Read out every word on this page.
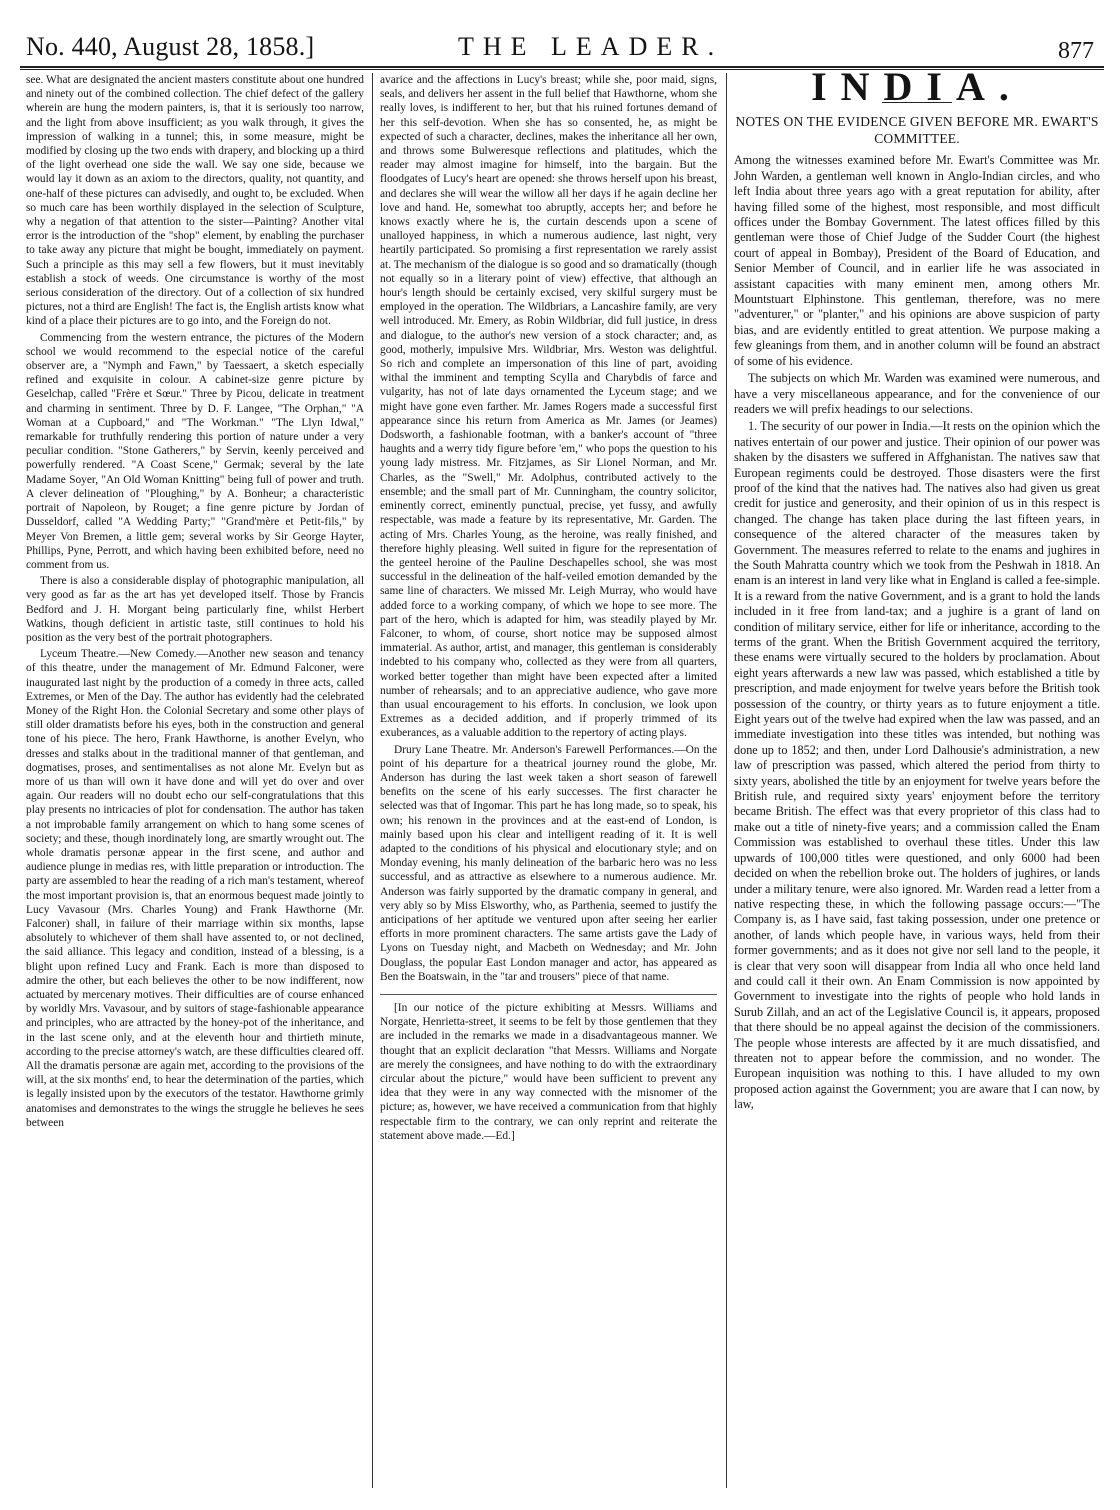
No. 440, August 28, 1858.]	THE LEADER.	877

see. What are designated the ancient masters constitute about one hundred and ninety out of the combined collection. The chief defect of the gallery wherein are hung the modern painters, is, that it is seriously too narrow, and the light from above insufficient; as you walk through, it gives the impression of walking in a tunnel; this, in some measure, might be modified by closing up the two ends with drapery, and blocking up a third of the light overhead one side the wall. We say one side, because we would lay it down as an axiom to the directors, quality, not quantity, and one-half of these pictures can advisedly, and ought to, be excluded. When so much care has been worthily displayed in the selection of Sculpture, why a negation of that attention to the sister—Painting? Another vital error is the introduction of the "shop" element, by enabling the purchaser to take away any picture that might be bought, immediately on payment. Such a principle as this may sell a few flowers, but it must inevitably establish a stock of weeds. One circumstance is worthy of the most serious consideration of the directory. Out of a collection of six hundred pictures, not a third are English! The fact is, the English artists know what kind of a place their pictures are to go into, and the Foreign do not.

Commencing from the western entrance, the pictures of the Modern school we would recommend to the especial notice of the careful observer are, a "Nymph and Fawn," by Taessaert, a sketch especially refined and exquisite in colour. A cabinet-size genre picture by Geselchap, called "Frère et Sœur." Three by Picou, delicate in treatment and charming in sentiment. Three by D. F. Langee, "The Orphan," "A Woman at a Cupboard," and "The Workman." "The Llyn Idwal," remarkable for truthfully rendering this portion of nature under a very peculiar condition. "Stone Gatherers," by Servin, keenly perceived and powerfully rendered. "A Coast Scene," Germak; several by the late Madame Soyer, "An Old Woman Knitting" being full of power and truth. A clever delineation of "Ploughing," by A. Bonheur; a characteristic portrait of Napoleon, by Rouget; a fine genre picture by Jordan of Dusseldorf, called "A Wedding Party;" "Grand'mère et Petit-fils," by Meyer Von Bremen, a little gem; several works by Sir George Hayter, Phillips, Pyne, Perrott, and which having been exhibited before, need no comment from us.

There is also a considerable display of photographic manipulation, all very good as far as the art has yet developed itself. Those by Francis Bedford and J. H. Morgant being particularly fine, whilst Herbert Watkins, though deficient in artistic taste, still continues to hold his position as the very best of the portrait photographers.

Lyceum Theatre.—New Comedy.—Another new season and tenancy of this theatre, under the management of Mr. Edmund Falconer, were inaugurated last night by the production of a comedy in three acts, called Extremes, or Men of the Day. The author has evidently had the celebrated Money of the Right Hon. the Colonial Secretary and some other plays of still older dramatists before his eyes, both in the construction and general tone of his piece. The hero, Frank Hawthorne, is another Evelyn, who dresses and stalks about in the traditional manner of that gentleman, and dogmatises, proses, and sentimentalises as not alone Mr. Evelyn but as more of us than will own it have done and will yet do over and over again. Our readers will no doubt echo our self-congratulations that this play presents no intricacies of plot for condensation. The author has taken a not improbable family arrangement on which to hang some scenes of society; and these, though inordinately long, are smartly wrought out. The whole dramatis personæ appear in the first scene, and author and audience plunge in medias res, with little preparation or introduction. The party are assembled to hear the reading of a rich man's testament, whereof the most important provision is, that an enormous bequest made jointly to Lucy Vavasour (Mrs. Charles Young) and Frank Hawthorne (Mr. Falconer) shall, in failure of their marriage within six months, lapse absolutely to whichever of them shall have assented to, or not declined, the said alliance. This legacy and condition, instead of a blessing, is a blight upon refined Lucy and Frank. Each is more than disposed to admire the other, but each believes the other to be now indifferent, now actuated by mercenary motives. Their difficulties are of course enhanced by worldly Mrs. Vavasour, and by suitors of stage-fashionable appearance and principles, who are attracted by the honey-pot of the inheritance, and in the last scene only, and at the eleventh hour and thirtieth minute, according to the precise attorney's watch, are these difficulties cleared off. All the dramatis personæ are again met, according to the provisions of the will, at the six months' end, to hear the determination of the parties, which is legally insisted upon by the executors of the testator. Hawthorne grimly anatomises and demonstrates to the wings the struggle he believes he sees between

avarice and the affections in Lucy's breast; while she, poor maid, signs, seals, and delivers her assent in the full belief that Hawthorne, whom she really loves, is indifferent to her, but that his ruined fortunes demand of her this self-devotion. When she has so consented, he, as might be expected of such a character, declines, makes the inheritance all her own, and throws some Bulweresque reflections and platitudes, which the reader may almost imagine for himself, into the bargain. But the floodgates of Lucy's heart are opened: she throws herself upon his breast, and declares she will wear the willow all her days if he again decline her love and hand. He, somewhat too abruptly, accepts her; and before he knows exactly where he is, the curtain descends upon a scene of unalloyed happiness, in which a numerous audience, last night, very heartily participated. So promising a first representation we rarely assist at. The mechanism of the dialogue is so good and so dramatically (though not equally so in a literary point of view) effective, that although an hour's length should be certainly excised, very skilful surgery must be employed in the operation. The Wildbriars, a Lancashire family, are very well introduced. Mr. Emery, as Robin Wildbriar, did full justice, in dress and dialogue, to the author's new version of a stock character; and, as good, motherly, impulsive Mrs. Wildbriar, Mrs. Weston was delightful. So rich and complete an impersonation of this line of part, avoiding withal the imminent and tempting Scylla and Charybdis of farce and vulgarity, has not of late days ornamented the Lyceum stage; and we might have gone even farther. Mr. James Rogers made a successful first appearance since his return from America as Mr. James (or Jeames) Dodsworth, a fashionable footman, with a banker's account of "three haughts and a werry tidy figure before 'em," who pops the question to his young lady mistress. Mr. Fitzjames, as Sir Lionel Norman, and Mr. Charles, as the "Swell," Mr. Adolphus, contributed actively to the ensemble; and the small part of Mr. Cunningham, the country solicitor, eminently correct, eminently punctual, precise, yet fussy, and awfully respectable, was made a feature by its representative, Mr. Garden. The acting of Mrs. Charles Young, as the heroine, was really finished, and therefore highly pleasing. Well suited in figure for the representation of the genteel heroine of the Pauline Deschapelles school, she was most successful in the delineation of the half-veiled emotion demanded by the same line of characters. We missed Mr. Leigh Murray, who would have added force to a working company, of which we hope to see more. The part of the hero, which is adapted for him, was steadily played by Mr. Falconer, to whom, of course, short notice may be supposed almost immaterial. As author, artist, and manager, this gentleman is considerably indebted to his company who, collected as they were from all quarters, worked better together than might have been expected after a limited number of rehearsals; and to an appreciative audience, who gave more than usual encouragement to his efforts. In conclusion, we look upon Extremes as a decided addition, and if properly trimmed of its exuberances, as a valuable addition to the repertory of acting plays.

Drury Lane Theatre. Mr. Anderson's Farewell Performances.—On the point of his departure for a theatrical journey round the globe, Mr. Anderson has during the last week taken a short season of farewell benefits on the scene of his early successes. The first character he selected was that of Ingomar. This part he has long made, so to speak, his own; his renown in the provinces and at the east-end of London, is mainly based upon his clear and intelligent reading of it. It is well adapted to the conditions of his physical and elocutionary style; and on Monday evening, his manly delineation of the barbaric hero was no less successful, and as attractive as elsewhere to a numerous audience. Mr. Anderson was fairly supported by the dramatic company in general, and very ably so by Miss Elsworthy, who, as Parthenia, seemed to justify the anticipations of her aptitude we ventured upon after seeing her earlier efforts in more prominent characters. The same artists gave the Lady of Lyons on Tuesday night, and Macbeth on Wednesday; and Mr. John Douglass, the popular East London manager and actor, has appeared as Ben the Boatswain, in the "tar and trousers" piece of that name.

[In our notice of the picture exhibiting at Messrs. Williams and Norgate, Henrietta-street, it seems to be felt by those gentlemen that they are included in the remarks we made in a disadvantageous manner. We thought that an explicit declaration "that Messrs. Williams and Norgate are merely the consignees, and have nothing to do with the extraordinary circular about the picture," would have been sufficient to prevent any idea that they were in any way connected with the misnomer of the picture; as, however, we have received a communication from that highly respectable firm to the contrary, we can only reprint and reiterate the statement above made.—Ed.]

INDIA.
NOTES ON THE EVIDENCE GIVEN BEFORE MR. EWART'S COMMITTEE.

Among the witnesses examined before Mr. Ewart's Committee was Mr. John Warden, a gentleman well known in Anglo-Indian circles, and who left India about three years ago with a great reputation for ability, after having filled some of the highest, most responsible, and most difficult offices under the Bombay Government. The latest offices filled by this gentleman were those of Chief Judge of the Sudder Court (the highest court of appeal in Bombay), President of the Board of Education, and Senior Member of Council, and in earlier life he was associated in assistant capacities with many eminent men, among others Mr. Mountstuart Elphinstone. This gentleman, therefore, was no mere "adventurer," or "planter," and his opinions are above suspicion of party bias, and are evidently entitled to great attention. We purpose making a few gleanings from them, and in another column will be found an abstract of some of his evidence.

The subjects on which Mr. Warden was examined were numerous, and have a very miscellaneous appearance, and for the convenience of our readers we will prefix headings to our selections.

1. The security of our power in India.—It rests on the opinion which the natives entertain of our power and justice. Their opinion of our power was shaken by the disasters we suffered in Affghanistan. The natives saw that European regiments could be destroyed. Those disasters were the first proof of the kind that the natives had. The natives also had given us great credit for justice and generosity, and their opinion of us in this respect is changed. The change has taken place during the last fifteen years, in consequence of the altered character of the measures taken by Government. The measures referred to relate to the enams and jughires in the South Mahratta country which we took from the Peshwah in 1818. An enam is an interest in land very like what in England is called a fee-simple. It is a reward from the native Government, and is a grant to hold the lands included in it free from land-tax; and a jughire is a grant of land on condition of military service, either for life or inheritance, according to the terms of the grant. When the British Government acquired the territory, these enams were virtually secured to the holders by proclamation. About eight years afterwards a new law was passed, which established a title by prescription, and made enjoyment for twelve years before the British took possession of the country, or thirty years as to future enjoyment a title. Eight years out of the twelve had expired when the law was passed, and an immediate investigation into these titles was intended, but nothing was done up to 1852; and then, under Lord Dalhousie's administration, a new law of prescription was passed, which altered the period from thirty to sixty years, abolished the title by an enjoyment for twelve years before the British rule, and required sixty years' enjoyment before the territory became British. The effect was that every proprietor of this class had to make out a title of ninety-five years; and a commission called the Enam Commission was established to overhaul these titles. Under this law upwards of 100,000 titles were questioned, and only 6000 had been decided on when the rebellion broke out. The holders of jughires, or lands under a military tenure, were also ignored. Mr. Warden read a letter from a native respecting these, in which the following passage occurs:—"The Company is, as I have said, fast taking possession, under one pretence or another, of lands which people have, in various ways, held from their former governments; and as it does not give nor sell land to the people, it is clear that very soon will disappear from India all who once held land and could call it their own. An Enam Commission is now appointed by Government to investigate into the rights of people who hold lands in Surub Zillah, and an act of the Legislative Council is, it appears, proposed that there should be no appeal against the decision of the commissioners. The people whose interests are affected by it are much dissatisfied, and threaten not to appear before the commission, and no wonder. The European inquisition was nothing to this. I have alluded to my own proposed action against the Government; you are aware that I can now, by law,
